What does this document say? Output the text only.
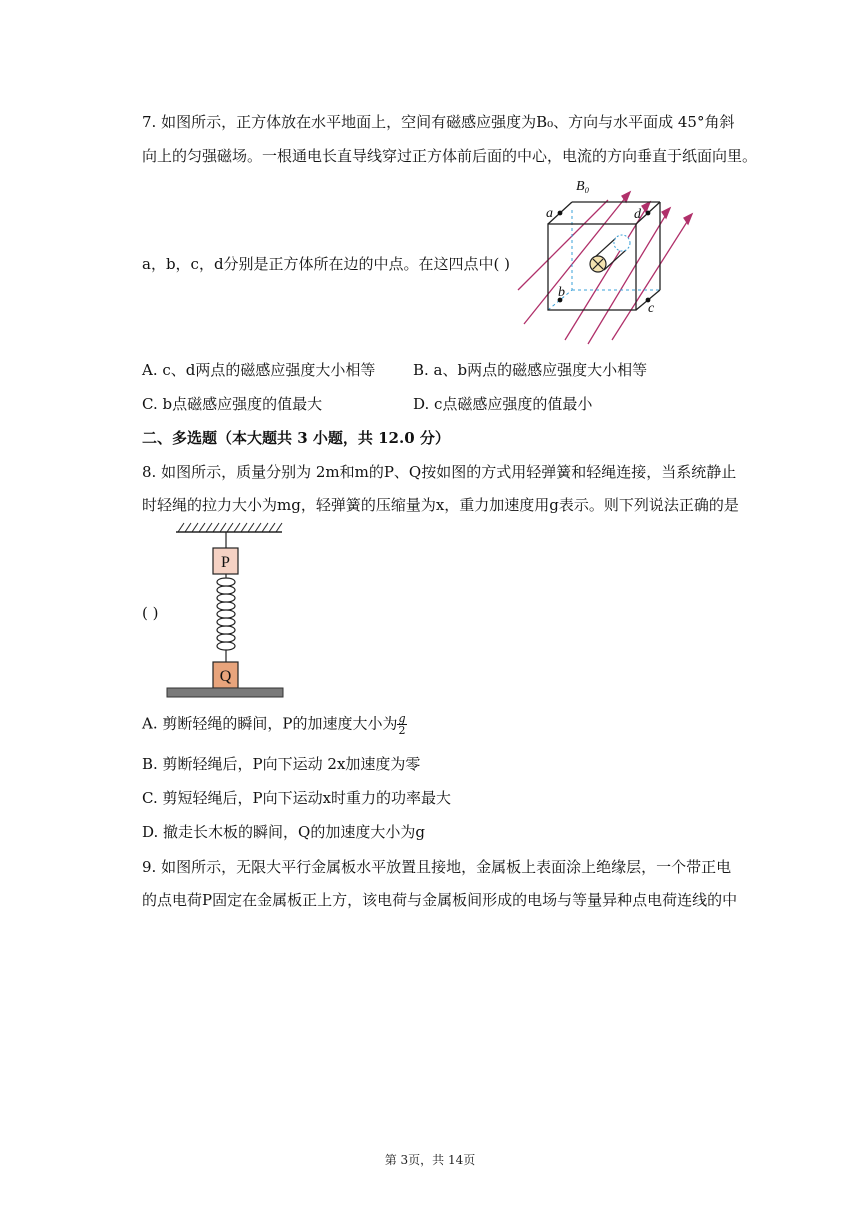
7. 如图所示，正方体放在水平地面上，空间有磁感应强度为B₀、方向与水平面成 45°角斜
向上的匀强磁场。一根通电长直导线穿过正方体前后面的中心，电流的方向垂直于纸面向里。
a，b，c，d分别是正方体所在边的中点。在这四点中( )
B₀
a	d
b
c
A. c、d两点的磁感应强度大小相等	B. a、b两点的磁感应强度大小相等
C. b点磁感应强度的值最大	D. c点磁感应强度的值最小
二、多选题（本大题共 3 小题，共 12.0 分）
8. 如图所示，质量分别为 2m和m的P、Q按如图的方式用轻弹簧和轻绳连接，当系统静止
时轻绳的拉力大小为mg，轻弹簧的压缩量为x，重力加速度用g表示。则下列说法正确的是
( )
P
Q
A. 剪断轻绳的瞬间，P的加速度大小为 $\frac{g}{2}$
B. 剪断轻绳后，P向下运动 2x加速度为零
C. 剪短轻绳后，P向下运动x时重力的功率最大
D. 撤走长木板的瞬间，Q的加速度大小为g
9. 如图所示，无限大平行金属板水平放置且接地，金属板上表面涂上绝缘层，一个带正电
的点电荷P固定在金属板正上方，该电荷与金属板间形成的电场与等量异种点电荷连线的中
第 3页，共 14页
